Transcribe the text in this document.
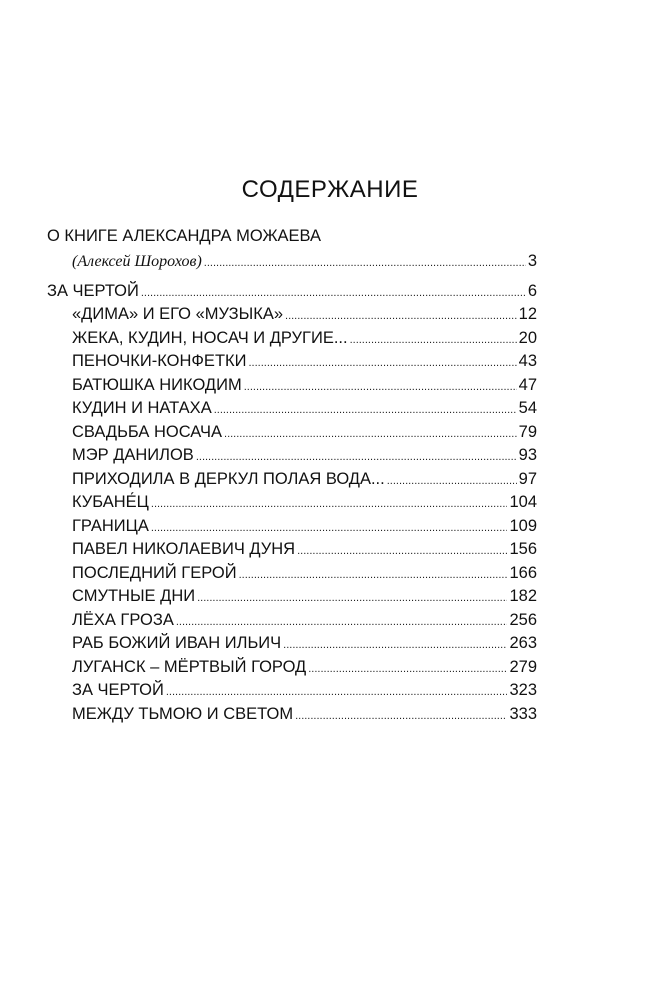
СОДЕРЖАНИЕ
О КНИГЕ АЛЕКСАНДРА МОЖАЕВА
(Алексей Шорохов) .....	3
ЗА ЧЕРТОЙ .....	6
«ДИМА» И ЕГО «МУЗЫКА» .....	12
ЖЕКА, КУДИН, НОСАЧ И ДРУГИЕ... .....	20
ПЕНОЧКИ-КОНФЕТКИ .....	43
БАТЮШКА НИКОДИМ .....	47
КУДИН И НАТАХА .....	54
СВАДЬБА НОСАЧА .....	79
МЭР ДАНИЛОВ .....	93
ПРИХОДИЛА В ДЕРКУЛ ПОЛАЯ ВОДА... .....	97
КУБАНЕ́Ц .....	104
ГРАНИЦА .....	109
ПАВЕЛ НИКОЛАЕВИЧ ДУНЯ .....	156
ПОСЛЕДНИЙ ГЕРОЙ .....	166
СМУТНЫЕ ДНИ .....	182
ЛЁХА ГРОЗА .....	256
РАБ БОЖИЙ ИВАН ИЛЬИЧ .....	263
ЛУГАНСК – МЁРТВЫЙ ГОРОД .....	279
ЗА ЧЕРТОЙ .....	323
МЕЖДУ ТЬМОЮ И СВЕТОМ .....	333
